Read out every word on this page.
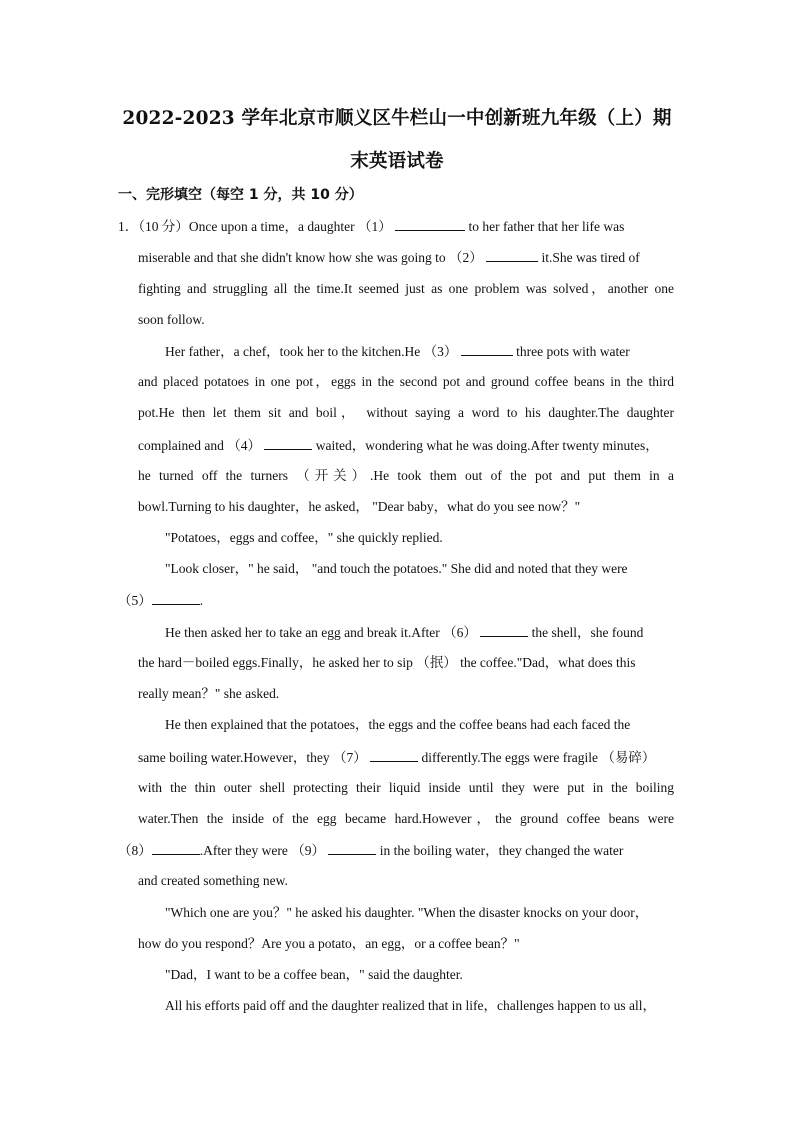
2022-2023 学年北京市顺义区牛栏山一中创新班九年级（上）期
末英语试卷
一、完形填空（每空 1 分，共 10 分）
1．（10 分）Once upon a time，a daughter （1）	to her father that her life was
miserable and that she didn't know how she was going to （2）	it.She was tired of
fighting and struggling all the time.It seemed just as one problem was solved，another one
soon follow.
Her father，a chef，took her to the kitchen.He （3）	three pots with water
and placed potatoes in one pot，eggs in the second pot and ground coffee beans in the third
pot.He then let them sit and boil， without saying a word to his daughter.The daughter
complained and （4）	waited，wondering what he was doing.After twenty minutes，
he turned off the turners （开关）.He took them out of the pot and put them in a
bowl.Turning to his daughter，he asked， "Dear baby，what do you see now？"
"Potatoes，eggs and coffee，" she quickly replied.
"Look closer，" he said， "and touch the potatoes." She did and noted that they were
（5）	.
He then asked her to take an egg and break it.After （6）	the shell，she found
the hard－boiled eggs.Finally，he asked her to sip （抿） the coffee."Dad，what does this
really mean？" she asked.
He then explained that the potatoes，the eggs and the coffee beans had each faced the
same boiling water.However，they （7）	differently.The eggs were fragile （易碎）
with the thin outer shell protecting their liquid inside until they were put in the boiling
water.Then the inside of the egg became hard.However，the ground coffee beans were
（8）	.After they were （9）	in the boiling water，they changed the water
and created something new.
"Which one are you？" he asked his daughter. "When the disaster knocks on your door，
how do you respond？Are you a potato，an egg，or a coffee bean？"
"Dad，I want to be a coffee bean，" said the daughter.
All his efforts paid off and the daughter realized that in life，challenges happen to us all，
